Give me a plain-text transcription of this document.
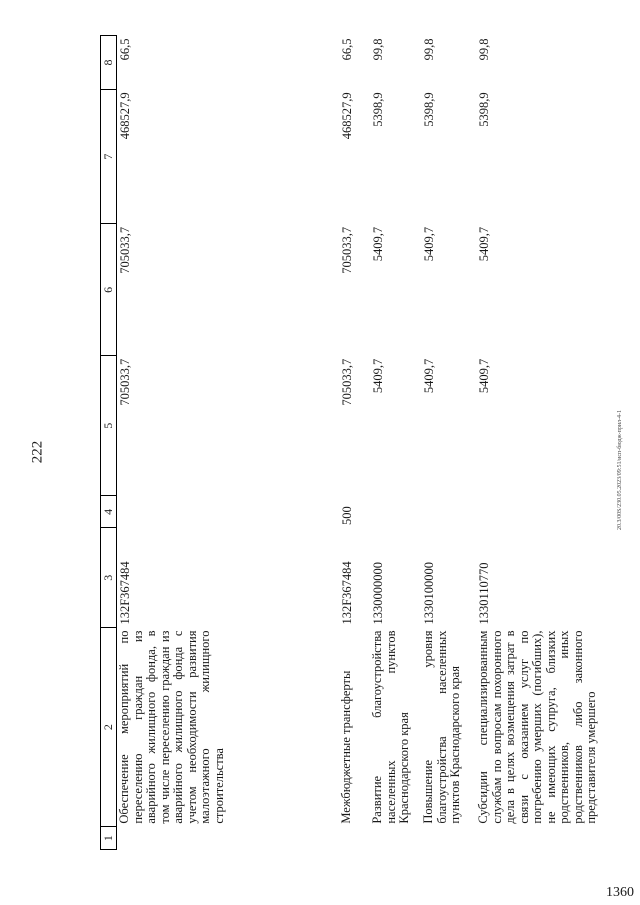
222	20.3/00S/230.05.2023/09:51/исп-бюдж-прил-4-1
1360
1	2	3	4	5	6	7	8
	Обеспечение мероприятий по переселению граждан из аварийного жилищного фонда, в том числе переселению граждан из аварийного жилищного фонда с учетом необходимости развития малоэтажного жилищного строительства	132F367484		705033,7	705033,7	468527,9	66,5
	Межбюджетные трансферты	132F367484	500	705033,7	705033,7	468527,9	66,5
	Развитие благоустройства населенных пунктов Краснодарского края	1330000000		5409,7	5409,7	5398,9	99,8
	Повышение уровня благоустройства населенных пунктов Краснодарского края	1330100000		5409,7	5409,7	5398,9	99,8
	Субсидии специализированным службам по вопросам похоронного дела в целях возмещения затрат в связи с оказанием услуг по погребению умерших (погибших), не имеющих супруга, близких родственников, иных родственников либо законного представителя умершего	1330110770		5409,7	5409,7	5398,9	99,8
